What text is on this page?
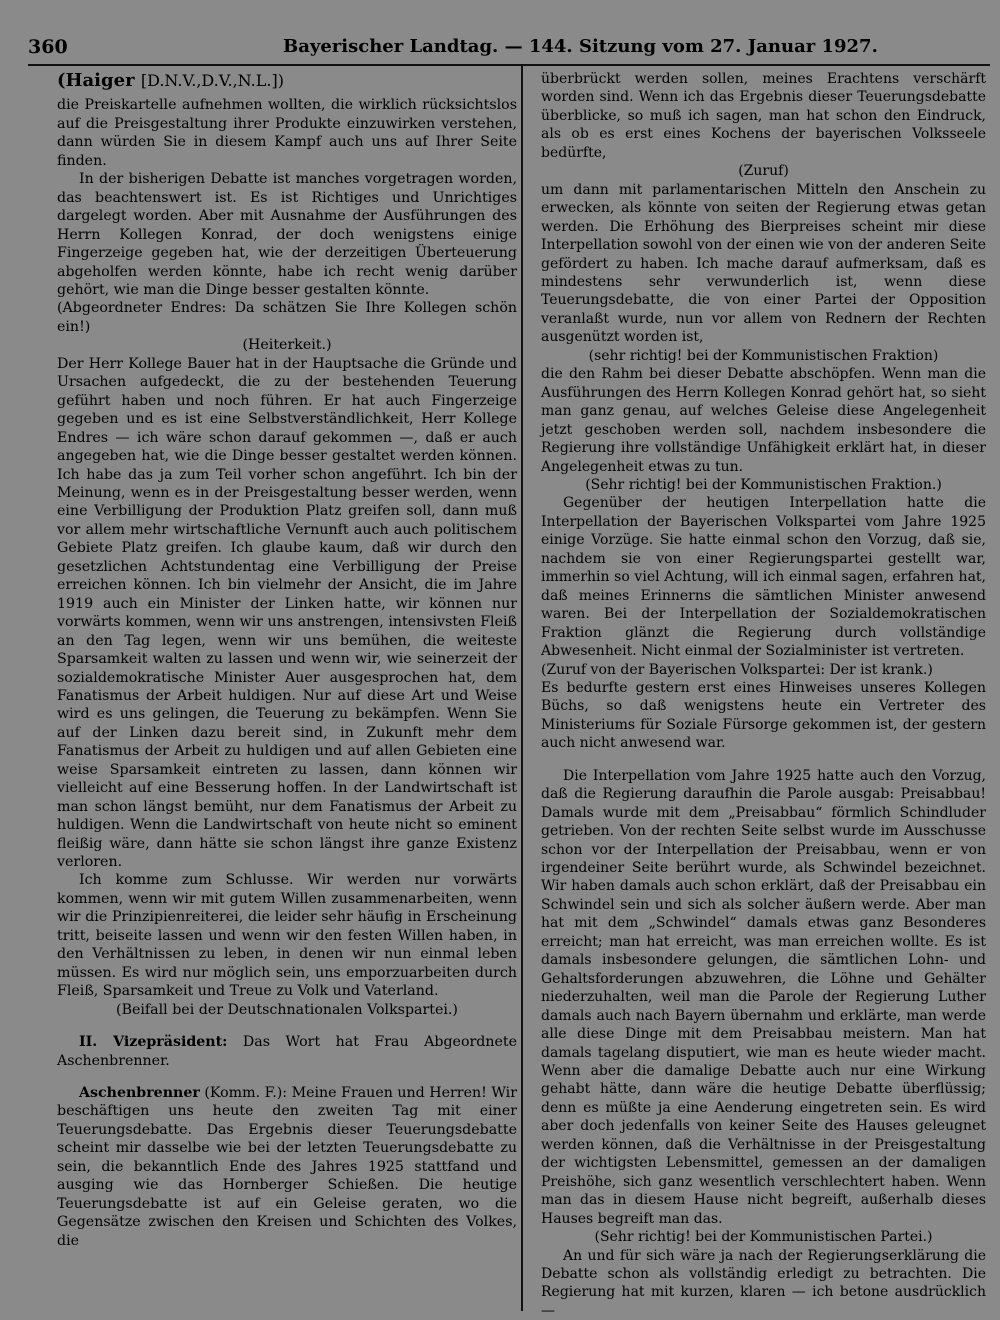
360	Bayerischer Landtag. — 144. Sitzung vom 27. Januar 1927.
(Haiger [D.N.V.,D.V.,N.L.])

die Preiskartelle aufnehmen wollten, die wirklich rücksichtslos auf die Preisgestaltung ihrer Produkte einzuwirken verstehen, dann würden Sie in diesem Kampf auch uns auf Ihrer Seite finden.

In der bisherigen Debatte ist manches vorgetragen worden, das beachtenswert ist. Es ist Richtiges und Unrichtiges dargelegt worden. Aber mit Ausnahme der Ausführungen des Herrn Kollegen Konrad, der doch wenigstens einige Fingerzeige gegeben hat, wie der derzeitigen Überteuerung abgeholfen werden könnte, habe ich recht wenig darüber gehört, wie man die Dinge besser gestalten könnte.

(Abgeordneter Endres: Da schätzen Sie Ihre Kollegen schön ein!)

(Heiterkeit.)

Der Herr Kollege Bauer hat in der Hauptsache die Gründe und Ursachen aufgedeckt, die zu der bestehenden Teuerung geführt haben und noch führen. Er hat auch Fingerzeige gegeben und es ist eine Selbstverständlichkeit, Herr Kollege Endres — ich wäre schon darauf gekommen —, daß er auch angegeben hat, wie die Dinge besser gestaltet werden können. Ich habe das ja zum Teil vorher schon angeführt. Ich bin der Meinung, wenn es in der Preisgestaltung besser werden, wenn eine Verbilligung der Produktion Platz greifen soll, dann muß vor allem mehr wirtschaftliche Vernunft auch auch politischem Gebiete Platz greifen. Ich glaube kaum, daß wir durch den gesetzlichen Achtstundentag eine Verbilligung der Preise erreichen können. Ich bin vielmehr der Ansicht, die im Jahre 1919 auch ein Minister der Linken hatte, wir können nur vorwärts kommen, wenn wir uns anstrengen, intensivsten Fleiß an den Tag legen, wenn wir uns bemühen, die weiteste Sparsamkeit walten zu lassen und wenn wir, wie seinerzeit der sozialdemokratische Minister Auer ausgesprochen hat, dem Fanatismus der Arbeit huldigen. Nur auf diese Art und Weise wird es uns gelingen, die Teuerung zu bekämpfen. Wenn Sie auf der Linken dazu bereit sind, in Zukunft mehr dem Fanatismus der Arbeit zu huldigen und auf allen Gebieten eine weise Sparsamkeit eintreten zu lassen, dann können wir vielleicht auf eine Besserung hoffen. In der Landwirtschaft ist man schon längst bemüht, nur dem Fanatismus der Arbeit zu huldigen. Wenn die Landwirtschaft von heute nicht so eminent fleißig wäre, dann hätte sie schon längst ihre ganze Existenz verloren.

Ich komme zum Schlusse. Wir werden nur vorwärts kommen, wenn wir mit gutem Willen zusammenarbeiten, wenn wir die Prinzipienreiterei, die leider sehr häufig in Erscheinung tritt, beiseite lassen und wenn wir den festen Willen haben, in den Verhältnissen zu leben, in denen wir nun einmal leben müssen. Es wird nur möglich sein, uns emporzuarbeiten durch Fleiß, Sparsamkeit und Treue zu Volk und Vaterland.

(Beifall bei der Deutschnationalen Volkspartei.)

II. Vizepräsident: Das Wort hat Frau Abgeordnete Aschenbrenner.

Aschenbrenner (Komm. F.): Meine Frauen und Herren! Wir beschäftigen uns heute den zweiten Tag mit einer Teuerungsdebatte. Das Ergebnis dieser Teuerungsdebatte scheint mir dasselbe wie bei der letzten Teuerungsdebatte zu sein, die bekanntlich Ende des Jahres 1925 stattfand und ausging wie das Hornberger Schießen. Die heutige Teuerungsdebatte ist auf ein Geleise geraten, wo die Gegensätze zwischen den Kreisen und Schichten des Volkes, die

überbrückt werden sollen, meines Erachtens verschärft worden sind. Wenn ich das Ergebnis dieser Teuerungsdebatte überblicke, so muß ich sagen, man hat schon den Eindruck, als ob es erst eines Kochens der bayerischen Volksseele bedürfte,

(Zuruf)

um dann mit parlamentarischen Mitteln den Anschein zu erwecken, als könnte von seiten der Regierung etwas getan werden. Die Erhöhung des Bierpreises scheint mir diese Interpellation sowohl von der einen wie von der anderen Seite gefördert zu haben. Ich mache darauf aufmerksam, daß es mindestens sehr verwunderlich ist, wenn diese Teuerungsdebatte, die von einer Partei der Opposition veranlaßt wurde, nun vor allem von Rednern der Rechten ausgenützt worden ist,

(sehr richtig! bei der Kommunistischen Fraktion)

die den Rahm bei dieser Debatte abschöpfen. Wenn man die Ausführungen des Herrn Kollegen Konrad gehört hat, so sieht man ganz genau, auf welches Geleise diese Angelegenheit jetzt geschoben werden soll, nachdem insbesondere die Regierung ihre vollständige Unfähigkeit erklärt hat, in dieser Angelegenheit etwas zu tun.

(Sehr richtig! bei der Kommunistischen Fraktion.)

Gegenüber der heutigen Interpellation hatte die Interpellation der Bayerischen Volkspartei vom Jahre 1925 einige Vorzüge. Sie hatte einmal schon den Vorzug, daß sie, nachdem sie von einer Regierungspartei gestellt war, immerhin so viel Achtung, will ich einmal sagen, erfahren hat, daß meines Erinnerns die sämtlichen Minister anwesend waren. Bei der Interpellation der Sozialdemokratischen Fraktion glänzt die Regierung durch vollständige Abwesenheit. Nicht einmal der Sozialminister ist vertreten.

(Zuruf von der Bayerischen Volkspartei: Der ist krank.)

Es bedurfte gestern erst eines Hinweises unseres Kollegen Büchs, so daß wenigstens heute ein Vertreter des Ministeriums für Soziale Fürsorge gekommen ist, der gestern auch nicht anwesend war.

Die Interpellation vom Jahre 1925 hatte auch den Vorzug, daß die Regierung daraufhin die Parole ausgab: Preisabbau! Damals wurde mit dem „Preisabbau“ förmlich Schindluder getrieben. Von der rechten Seite selbst wurde im Ausschusse schon vor der Interpellation der Preisabbau, wenn er von irgendeiner Seite berührt wurde, als Schwindel bezeichnet. Wir haben damals auch schon erklärt, daß der Preisabbau ein Schwindel sein und sich als solcher äußern werde. Aber man hat mit dem „Schwindel“ damals etwas ganz Besonderes erreicht; man hat erreicht, was man erreichen wollte. Es ist damals insbesondere gelungen, die sämtlichen Lohn- und Gehaltsforderungen abzuwehren, die Löhne und Gehälter niederzuhalten, weil man die Parole der Regierung Luther damals auch nach Bayern übernahm und erklärte, man werde alle diese Dinge mit dem Preisabbau meistern. Man hat damals tagelang disputiert, wie man es heute wieder macht. Wenn aber die damalige Debatte auch nur eine Wirkung gehabt hätte, dann wäre die heutige Debatte überflüssig; denn es müßte ja eine Aenderung eingetreten sein. Es wird aber doch jedenfalls von keiner Seite des Hauses geleugnet werden können, daß die Verhältnisse in der Preisgestaltung der wichtigsten Lebensmittel, gemessen an der damaligen Preishöhe, sich ganz wesentlich verschlechtert haben. Wenn man das in diesem Hause nicht begreift, außerhalb dieses Hauses begreift man das.

(Sehr richtig! bei der Kommunistischen Partei.)

An und für sich wäre ja nach der Regierungserklärung die Debatte schon als vollständig erledigt zu betrachten. Die Regierung hat mit kurzen, klaren — ich betone ausdrücklich —
